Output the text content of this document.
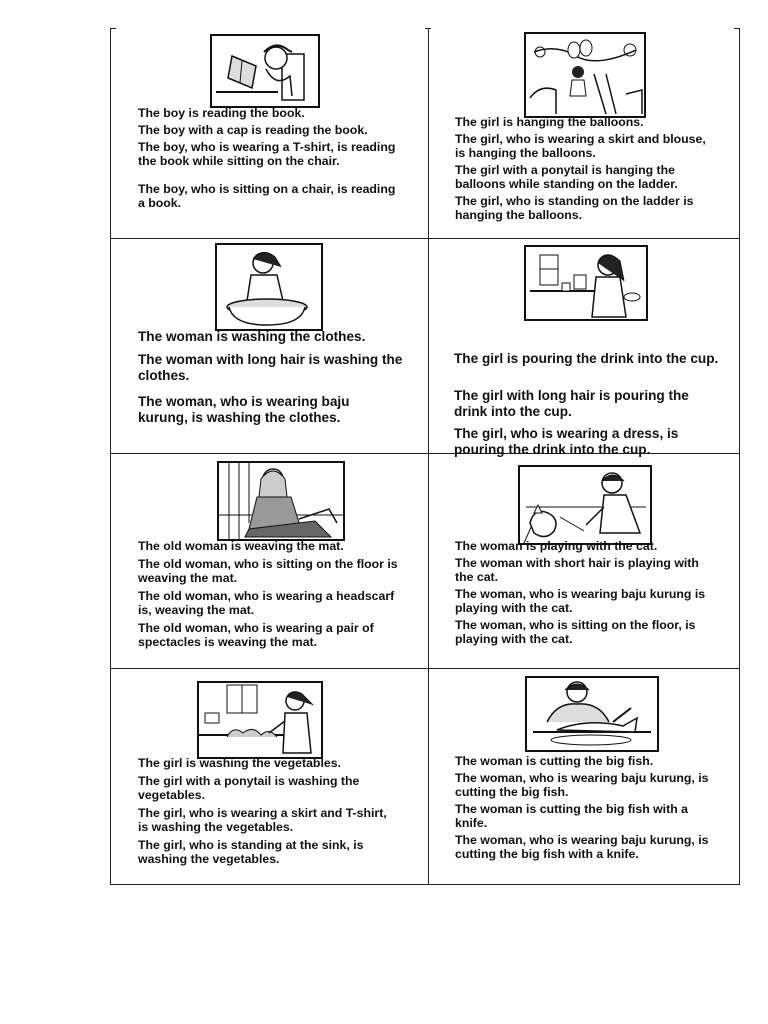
The boy is reading the book.

The boy with a cap is reading the book.

The boy, who is wearing a T-shirt, is reading the book while sitting on the chair.

The boy, who is sitting on a chair, is reading a book.

The girl is hanging the balloons.

The girl, who is wearing a skirt and blouse, is hanging the balloons.

The girl with a ponytail is hanging the balloons while standing on the ladder.

The girl, who is standing on the ladder is hanging the balloons.

The woman is washing the clothes.

The woman with long hair is washing the clothes.

The woman, who is wearing baju kurung, is washing the clothes.

The girl is pouring the drink into the cup.

The girl with long hair is pouring the drink into the cup.

The girl, who is wearing a dress, is pouring the drink into the cup.

The old woman is weaving the mat.

The old woman, who is sitting on the floor is weaving the mat.

The old woman, who is wearing a headscarf is, weaving the mat.

The old woman, who is wearing a pair of spectacles is weaving the mat.

The woman is playing with the cat.

The woman with short hair is playing with the cat.

The woman, who is wearing baju kurung is playing with the cat.

The woman, who is sitting on the floor, is playing with the cat.

The girl is washing the vegetables.

The girl with a ponytail is washing the vegetables.

The girl, who is wearing a skirt and T-shirt, is washing the vegetables.

The girl, who is standing at the sink, is washing the vegetables.

The woman is cutting the big fish.

The woman, who is wearing baju kurung, is cutting the big fish.

The woman is cutting the big fish with a knife.

The woman, who is wearing baju kurung, is cutting the big fish with a knife.
